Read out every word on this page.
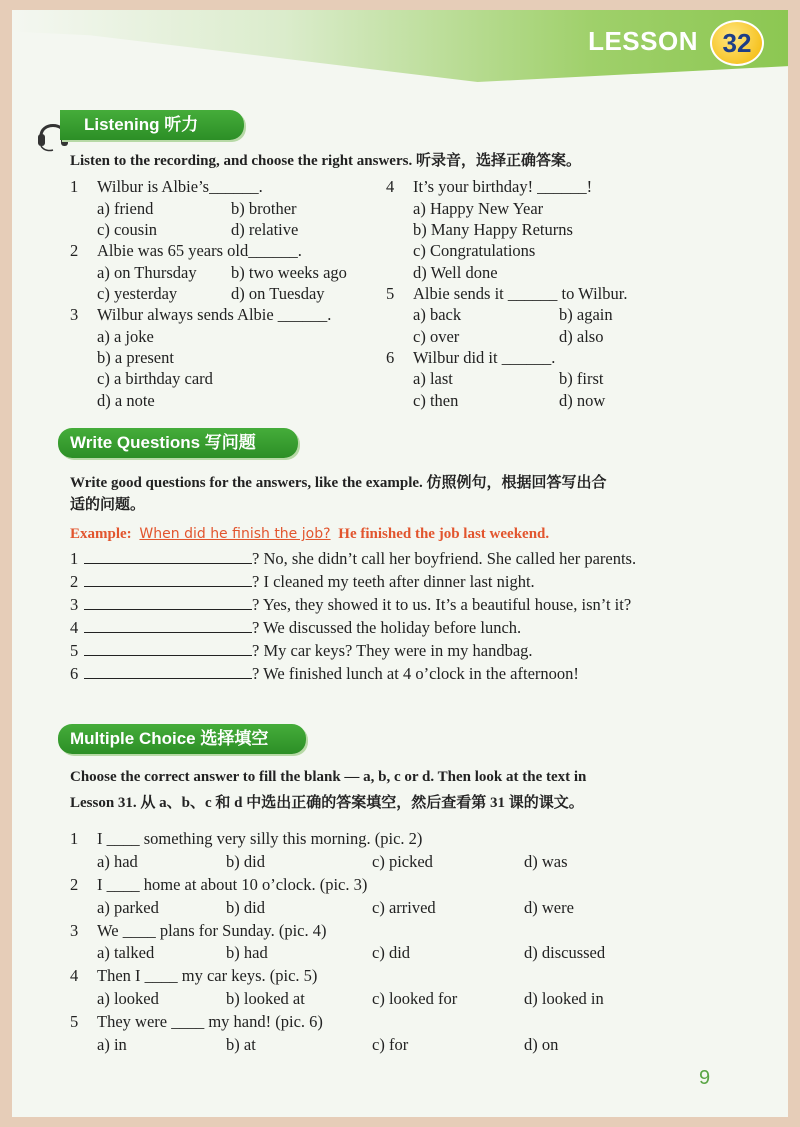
LESSON 32
Listening 听力
Listen to the recording, and choose the right answers. 听录音，选择正确答案。
1 Wilbur is Albie’s______.
a) friend	b) brother
c) cousin	d) relative
2 Albie was 65 years old______.
a) on Thursday b) two weeks ago
c) yesterday	d) on Tuesday
3 Wilbur always sends Albie ______.
a) a joke
b) a present
c) a birthday card
d) a note
4 It’s your birthday! ______!
a) Happy New Year
b) Many Happy Returns
c) Congratulations
d) Well done
5 Albie sends it ______ to Wilbur.
a) back	b) again
c) over	d) also
6 Wilbur did it ______.
a) last	b) first
c) then	d) now
Write Questions 写问题
Write good questions for the answers, like the example. 仿照例句，根据回答写出合
适的问题。
Example: When did he finish the job? He finished the job last weekend.
1	? No, she didn’t call her boyfriend. She called her parents.
2	? I cleaned my teeth after dinner last night.
3	? Yes, they showed it to us. It’s a beautiful house, isn’t it?
4	? We discussed the holiday before lunch.
5	? My car keys? They were in my handbag.
6	? We finished lunch at 4 o’clock in the afternoon!
Multiple Choice 选择填空
Choose the correct answer to fill the blank — a, b, c or d. Then look at the text in
Lesson 31. 从 a、b、c 和 d 中选出正确的答案填空，然后查看第 31 课的课文。
1 I ____ something very silly this morning. (pic. 2)
a) had	b) did	c) picked	d) was
2 I ____ home at about 10 o’clock. (pic. 3)
a) parked	b) did	c) arrived	d) were
3 We ____ plans for Sunday. (pic. 4)
a) talked	b) had	c) did	d) discussed
4 Then I ____ my car keys. (pic. 5)
a) looked	b) looked at	c) looked for	d) looked in
5 They were ____ my hand! (pic. 6)
a) in	b) at	c) for	d) on
9
